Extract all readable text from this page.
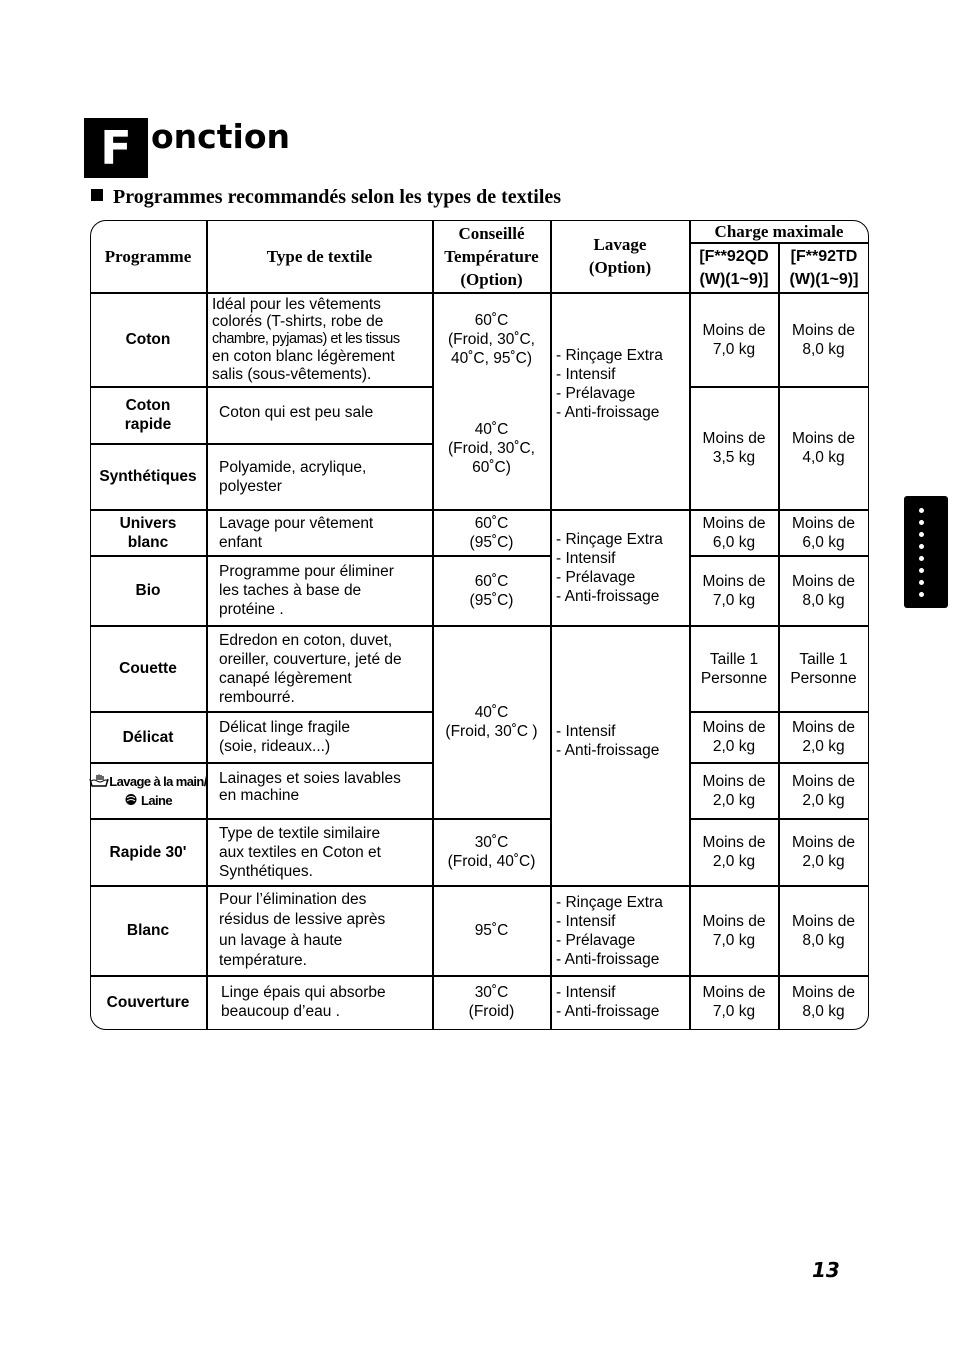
F onction
Programmes recommandés selon les types de textiles
Programme	Type de textile
Conseillé
Température
(Option)
Lavage
(Option)
Charge maximale
[F**92QD
(W)(1~9)]
[F**92TD
(W)(1~9)]
Coton
Coton
rapide
Synthétiques
Univers
blanc
Bio
Couette
Délicat
Lavage à la main/
Laine
Rapide 30'
Blanc
Couverture
Idéal pour les vêtements
colorés (T-shirts, robe de
chambre, pyjamas) et les tissus
en coton blanc légèrement
salis (sous-vêtements).
Coton qui est peu sale
Polyamide, acrylique,
polyester
Lavage pour vêtement
enfant
Programme pour éliminer
les taches à base de
protéine .
Edredon en coton, duvet,
oreiller, couverture, jeté de
canapé légèrement
rembourré.
Délicat linge fragile
(soie, rideaux...)
Lainages et soies lavables
en machine
Type de textile similaire
aux textiles en Coton et
Synthétiques.
Pour l’élimination des
résidus de lessive après
un lavage à haute
température.
Linge épais qui absorbe
beaucoup d’eau .
60˚C
(Froid, 30˚C,
40˚C, 95˚C)
40˚C
(Froid, 30˚C,
60˚C)
60˚C
(95˚C)
60˚C
(95˚C)
40˚C
(Froid, 30˚C )
30˚C
(Froid, 40˚C)
95˚C
30˚C
(Froid)
- Rinçage Extra
- Intensif
- Prélavage
- Anti-froissage
- Rinçage Extra
- Intensif
- Prélavage
- Anti-froissage
- Intensif
- Anti-froissage
- Rinçage Extra
- Intensif
- Prélavage
- Anti-froissage
- Intensif
- Anti-froissage
Moins de
7,0 kg
Moins de
8,0 kg
Moins de
3,5 kg
Moins de
4,0 kg
Moins de
6,0 kg
Moins de
6,0 kg
Moins de
7,0 kg
Moins de
8,0 kg
Taille 1
Personne
Taille 1
Personne
Moins de
2,0 kg
Moins de
2,0 kg
Moins de
2,0 kg
Moins de
2,0 kg
Moins de
2,0 kg
Moins de
2,0 kg
Moins de
7,0 kg
Moins de
8,0 kg
Moins de
7,0 kg
Moins de
8,0 kg
13
